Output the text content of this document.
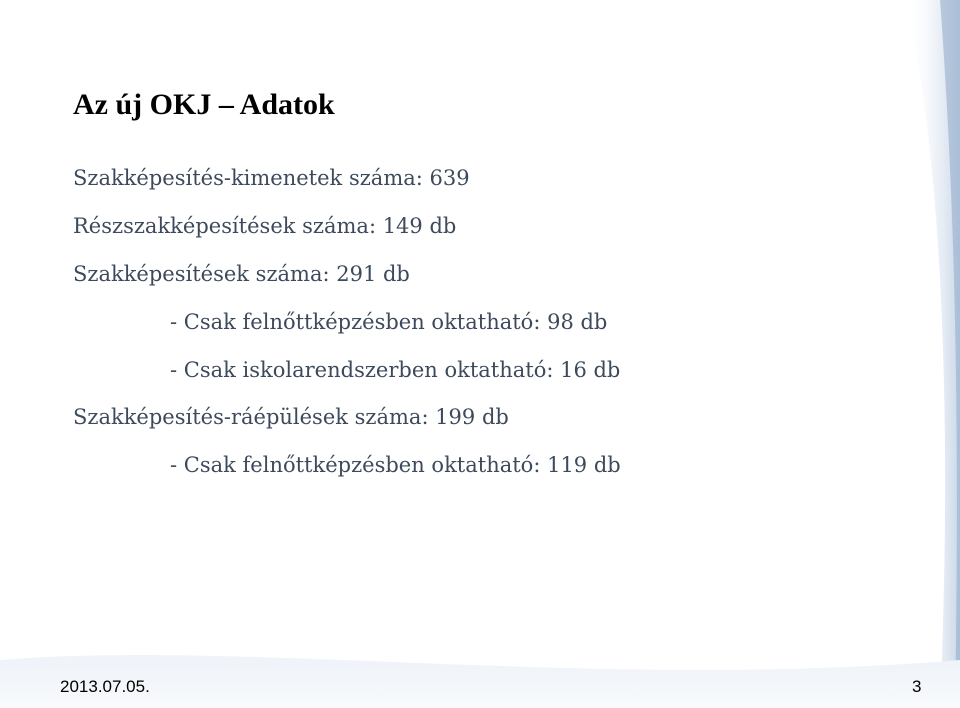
Az új OKJ – Adatok
Szakképesítés-kimenetek száma: 639
Részszakképesítések száma: 149 db
Szakképesítések száma: 291 db
- Csak felnőttképzésben oktatható: 98 db
- Csak iskolarendszerben oktatható: 16 db
Szakképesítés-ráépülések száma: 199 db
- Csak felnőttképzésben oktatható: 119 db
2013.07.05.	3
